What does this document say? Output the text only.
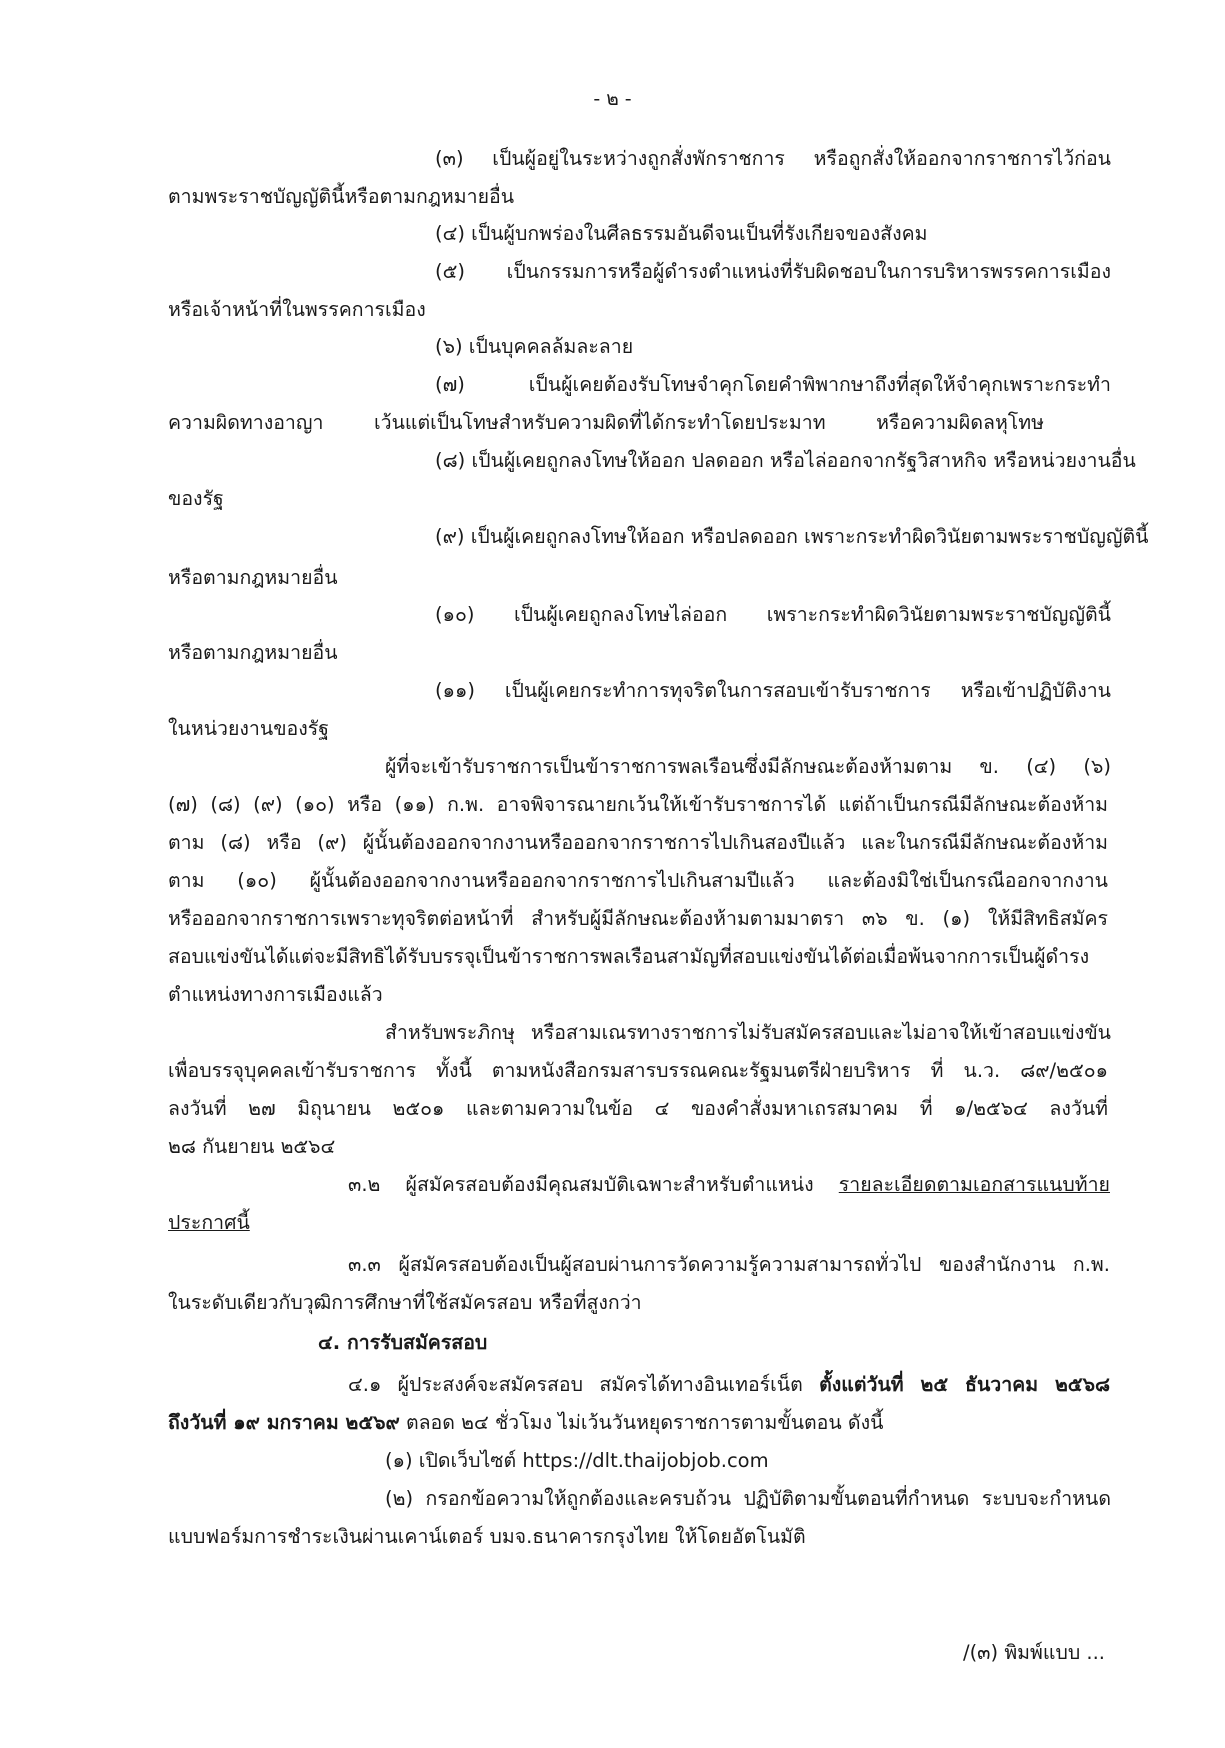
- ๒ -
(๓) เป็นผู้อยู่ในระหว่างถูกสั่งพักราชการ หรือถูกสั่งให้ออกจากราชการไว้ก่อน
ตามพระราชบัญญัตินี้หรือตามกฎหมายอื่น
(๔) เป็นผู้บกพร่องในศีลธรรมอันดีจนเป็นที่รังเกียจของสังคม
(๕) เป็นกรรมการหรือผู้ดำรงตำแหน่งที่รับผิดชอบในการบริหารพรรคการเมือง
หรือเจ้าหน้าที่ในพรรคการเมือง
(๖) เป็นบุคคลล้มละลาย
(๗) เป็นผู้เคยต้องรับโทษจำคุกโดยคำพิพากษาถึงที่สุดให้จำคุกเพราะกระทำ
ความผิดทางอาญา เว้นแต่เป็นโทษสำหรับความผิดที่ได้กระทำโดยประมาท หรือความผิดลหุโทษ
(๘) เป็นผู้เคยถูกลงโทษให้ออก ปลดออก หรือไล่ออกจากรัฐวิสาหกิจ หรือหน่วยงานอื่น
ของรัฐ
(๙) เป็นผู้เคยถูกลงโทษให้ออก หรือปลดออก เพราะกระทำผิดวินัยตามพระราชบัญญัตินี้
หรือตามกฎหมายอื่น
(๑๐) เป็นผู้เคยถูกลงโทษไล่ออก เพราะกระทำผิดวินัยตามพระราชบัญญัตินี้
หรือตามกฎหมายอื่น
(๑๑) เป็นผู้เคยกระทำการทุจริตในการสอบเข้ารับราชการ หรือเข้าปฏิบัติงาน
ในหน่วยงานของรัฐ
ผู้ที่จะเข้ารับราชการเป็นข้าราชการพลเรือนซึ่งมีลักษณะต้องห้ามตาม ข. (๔) (๖)
(๗) (๘) (๙) (๑๐) หรือ (๑๑) ก.พ. อาจพิจารณายกเว้นให้เข้ารับราชการได้ แต่ถ้าเป็นกรณีมีลักษณะต้องห้าม
ตาม (๘) หรือ (๙) ผู้นั้นต้องออกจากงานหรือออกจากราชการไปเกินสองปีแล้ว และในกรณีมีลักษณะต้องห้าม
ตาม (๑๐) ผู้นั้นต้องออกจากงานหรือออกจากราชการไปเกินสามปีแล้ว และต้องมิใช่เป็นกรณีออกจากงาน
หรือออกจากราชการเพราะทุจริตต่อหน้าที่ สำหรับผู้มีลักษณะต้องห้ามตามมาตรา ๓๖ ข. (๑) ให้มีสิทธิสมัคร
สอบแข่งขันได้แต่จะมีสิทธิได้รับบรรจุเป็นข้าราชการพลเรือนสามัญที่สอบแข่งขันได้ต่อเมื่อพ้นจากการเป็นผู้ดำรง
ตำแหน่งทางการเมืองแล้ว
สำหรับพระภิกษุ หรือสามเณรทางราชการไม่รับสมัครสอบและไม่อาจให้เข้าสอบแข่งขัน
เพื่อบรรจุบุคคลเข้ารับราชการ ทั้งนี้ ตามหนังสือกรมสารบรรณคณะรัฐมนตรีฝ่ายบริหาร ที่ น.ว. ๘๙/๒๕๐๑
ลงวันที่ ๒๗ มิถุนายน ๒๕๐๑ และตามความในข้อ ๔ ของคำสั่งมหาเถรสมาคม ที่ ๑/๒๕๖๔ ลงวันที่
๒๘ กันยายน ๒๕๖๔
๓.๒ ผู้สมัครสอบต้องมีคุณสมบัติเฉพาะสำหรับตำแหน่ง รายละเอียดตามเอกสารแนบท้าย
ประกาศนี้
๓.๓ ผู้สมัครสอบต้องเป็นผู้สอบผ่านการวัดความรู้ความสามารถทั่วไป ของสำนักงาน ก.พ.
ในระดับเดียวกับวุฒิการศึกษาที่ใช้สมัครสอบ หรือที่สูงกว่า
๔. การรับสมัครสอบ
๔.๑ ผู้ประสงค์จะสมัครสอบ สมัครได้ทางอินเทอร์เน็ต ตั้งแต่วันที่ ๒๕ ธันวาคม ๒๕๖๘
ถึงวันที่ ๑๙ มกราคม ๒๕๖๙ ตลอด ๒๔ ชั่วโมง ไม่เว้นวันหยุดราชการตามขั้นตอน ดังนี้
(๑) เปิดเว็บไซต์ https://dlt.thaijobjob.com
(๒) กรอกข้อความให้ถูกต้องและครบถ้วน ปฏิบัติตามขั้นตอนที่กำหนด ระบบจะกำหนด
แบบฟอร์มการชำระเงินผ่านเคาน์เตอร์ บมจ.ธนาคารกรุงไทย ให้โดยอัตโนมัติ
/(๓) พิมพ์แบบ ...
